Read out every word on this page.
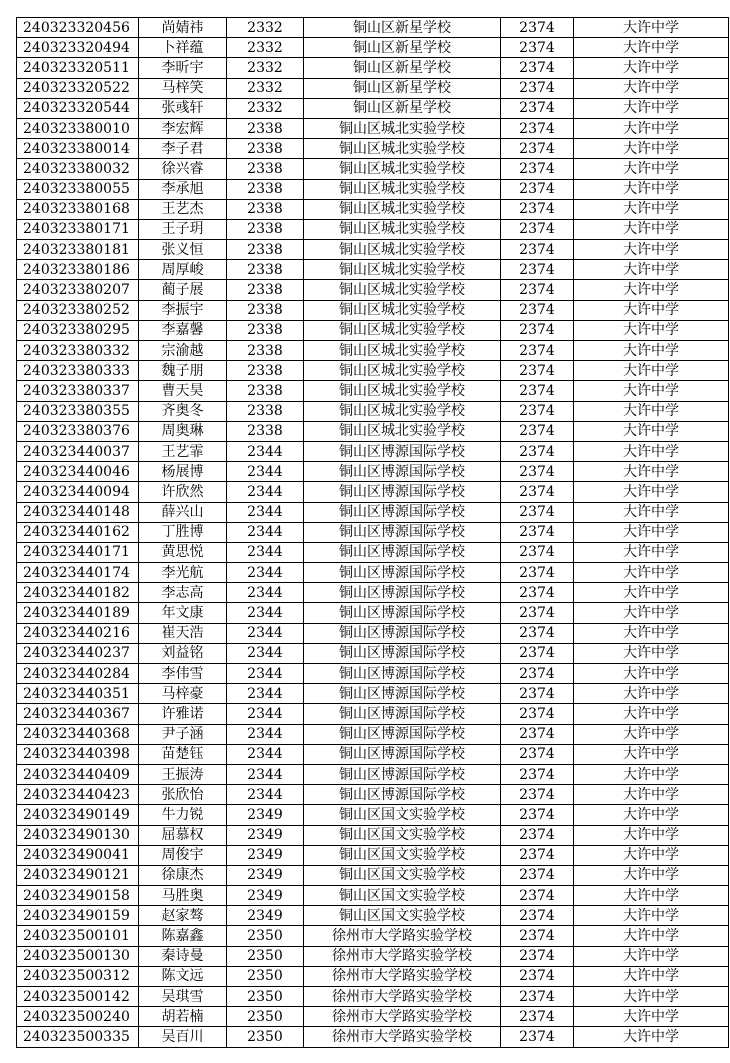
240323320456	尚婧祎	2332	铜山区新星学校	2374	大许中学
240323320494	卜祥蕴	2332	铜山区新星学校	2374	大许中学
240323320511	李昕宇	2332	铜山区新星学校	2374	大许中学
240323320522	马梓笑	2332	铜山区新星学校	2374	大许中学
240323320544	张彧轩	2332	铜山区新星学校	2374	大许中学
240323380010	李宏辉	2338	铜山区城北实验学校	2374	大许中学
240323380014	李子君	2338	铜山区城北实验学校	2374	大许中学
240323380032	徐兴睿	2338	铜山区城北实验学校	2374	大许中学
240323380055	李承旭	2338	铜山区城北实验学校	2374	大许中学
240323380168	王艺杰	2338	铜山区城北实验学校	2374	大许中学
240323380171	王子玥	2338	铜山区城北实验学校	2374	大许中学
240323380181	张义恒	2338	铜山区城北实验学校	2374	大许中学
240323380186	周厚峻	2338	铜山区城北实验学校	2374	大许中学
240323380207	蔺子展	2338	铜山区城北实验学校	2374	大许中学
240323380252	李振宇	2338	铜山区城北实验学校	2374	大许中学
240323380295	李嘉馨	2338	铜山区城北实验学校	2374	大许中学
240323380332	宗渝越	2338	铜山区城北实验学校	2374	大许中学
240323380333	魏子朋	2338	铜山区城北实验学校	2374	大许中学
240323380337	曹天昊	2338	铜山区城北实验学校	2374	大许中学
240323380355	齐奥冬	2338	铜山区城北实验学校	2374	大许中学
240323380376	周奥琳	2338	铜山区城北实验学校	2374	大许中学
240323440037	王艺霏	2344	铜山区博源国际学校	2374	大许中学
240323440046	杨展博	2344	铜山区博源国际学校	2374	大许中学
240323440094	许欣然	2344	铜山区博源国际学校	2374	大许中学
240323440148	薛兴山	2344	铜山区博源国际学校	2374	大许中学
240323440162	丁胜博	2344	铜山区博源国际学校	2374	大许中学
240323440171	黄思悦	2344	铜山区博源国际学校	2374	大许中学
240323440174	李光航	2344	铜山区博源国际学校	2374	大许中学
240323440182	李志高	2344	铜山区博源国际学校	2374	大许中学
240323440189	年文康	2344	铜山区博源国际学校	2374	大许中学
240323440216	崔天浩	2344	铜山区博源国际学校	2374	大许中学
240323440237	刘益铭	2344	铜山区博源国际学校	2374	大许中学
240323440284	李伟雪	2344	铜山区博源国际学校	2374	大许中学
240323440351	马梓豪	2344	铜山区博源国际学校	2374	大许中学
240323440367	许雅诺	2344	铜山区博源国际学校	2374	大许中学
240323440368	尹子涵	2344	铜山区博源国际学校	2374	大许中学
240323440398	苗楚钰	2344	铜山区博源国际学校	2374	大许中学
240323440409	王振涛	2344	铜山区博源国际学校	2374	大许中学
240323440423	张欣怡	2344	铜山区博源国际学校	2374	大许中学
240323490149	牛力锐	2349	铜山区国文实验学校	2374	大许中学
240323490130	屈慕权	2349	铜山区国文实验学校	2374	大许中学
240323490041	周俊宇	2349	铜山区国文实验学校	2374	大许中学
240323490121	徐康杰	2349	铜山区国文实验学校	2374	大许中学
240323490158	马胜奥	2349	铜山区国文实验学校	2374	大许中学
240323490159	赵家骜	2349	铜山区国文实验学校	2374	大许中学
240323500101	陈嘉鑫	2350	徐州市大学路实验学校	2374	大许中学
240323500130	秦诗曼	2350	徐州市大学路实验学校	2374	大许中学
240323500312	陈文远	2350	徐州市大学路实验学校	2374	大许中学
240323500142	吴琪雪	2350	徐州市大学路实验学校	2374	大许中学
240323500240	胡若楠	2350	徐州市大学路实验学校	2374	大许中学
240323500335	吴百川	2350	徐州市大学路实验学校	2374	大许中学
